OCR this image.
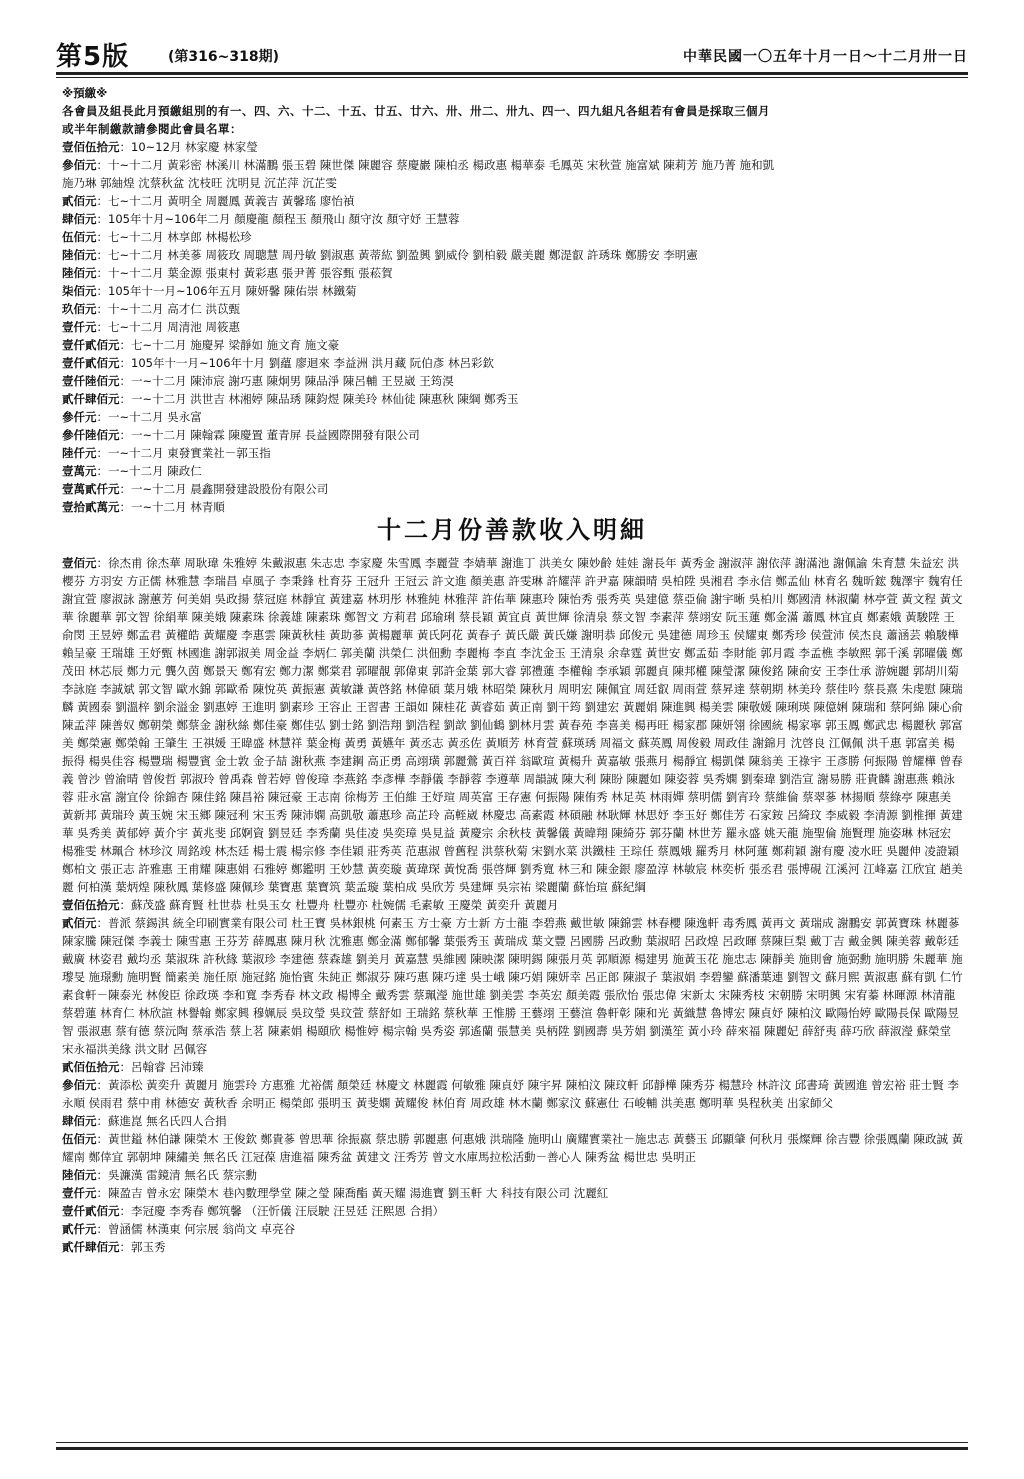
第5版	(第316~318期)	中華民國一〇五年十月一日～十二月卅一日
※預繳※
各會員及組長此月預繳組別的有一、四、六、十二、十五、廿五、廿六、卅、卅二、卅九、四一、四九組凡各組若有會員是採取三個月
或半年制繳款請參閱此會員名單：
壹佰伍拾元：10~12月 林家慶 林家瑩
參佰元：十~十二月 黃彩密 林溪川 林滿鵬 張玉碧 陳世傑 陳麗容 蔡慶巖 陳柏丞 楊政惠 楊華泰 毛鳳英 宋秋萱 施富斌 陳莉芳 施乃菁 施和凱
施乃琳 郭紬煌 沈蔡秋盆 沈枝旺 沈明見 沉芷萍 沉芷雯
貳佰元：七~十二月 黃明全 周麗鳳 黃義吉 黃馨瑤 廖怡禎
肆佰元：105年十月~106年二月 顏慶龍 顏程玉 顏飛山 顏守汝 顏守妤 王慧蓉
伍佰元：七~十二月 林享郎 林楊松珍
陸佰元：七~十二月 林美蔘 周筱玫 周聰慧 周丹敏 劉淑惠 黃蒂紘 劉盈興 劉威伶 劉柏毅 嚴美麗 鄭湜叡 許琇珠 鄭勝安 李明憲
陸佰元：十~十二月 葉金源 張東村 黃彩惠 張尹菁 張容甄 張菘賀
柒佰元：105年十一月~106年五月 陳妍馨 陳佑崇 林鐵菊
玖佰元：十~十二月 高才仁 洪苡甄
壹仟元：七~十二月 周清池 周筱惠
壹仟貳佰元：七~十二月 施慶昇 梁靜如 施文育 施文豪
壹仟貳佰元：105年十一月~106年十月 劉蘊 廖迴來 李益洲 洪月藏 阮伯彥 林呂彩欽
壹仟陸佰元：一~十二月 陳沛宸 謝巧惠 陳炯男 陳品淨 陳呂輔 王昱崴 王筠湨
貳仟肆佰元：一~十二月 洪世吉 林湘婷 陳品琇 陳鈞煜 陳美玲 林仙徒 陳惠秋 陳綱 鄭秀玉
參仟元：一~十二月 吳永富
參仟陸佰元：一~十二月 陳翰霖 陳慶置 董青屏 長益國際開發有限公司
陸仟元：一~十二月 東發實業社－郭玉指
壹萬元：一~十二月 陳政仁
壹萬貳仟元：一~十二月 晨鑫開發建設股份有限公司
壹拾貳萬元：一~十二月 林青順
十二月份善款收入明細
壹佰元：徐杰甫 徐杰華 周耿瑋 朱雅婷 朱戴淑惠 朱志忠 李家慶 朱雪鳳 李麗萱 李婧華 謝進丁 洪美女 陳妙齡 娃娃 謝長年 黃秀金 謝淑萍 謝依萍 謝滿池 謝佩諭 朱育慧 朱益宏 洪櫻芬 方羽安 方正儒 林雅慧 李瑞昌 卓風子 李秉鋒 杜育芬 王冠升 王冠云 許文進 顏美惠 許雯琳 許耀萍 許尹嘉 陳韻晴 吳柏陞 吳湘君 李永信 鄭孟仙 林育名 魏昕鋐 魏澤宇 魏宥任 謝宜萱 廖淑詠 謝蕙芳 何美娟 吳政揚 蔡冠庭 林靜宜 黃建嘉 林玥彤 林雅純 林雅萍 許佑華 陳惠玲 陳怡秀 張秀英 吳建億 蔡亞倫 謝宇晰 吳柏川 鄭國清 林淑蘭 林亭萱 黃文程 黃文華 徐麗華 郭文智 徐絹華 陳美娥 陳素珠 徐義雄 陳素珠 鄭智文 方莉君 邱瑜琍 蔡長穎 黃宜貞 黃世輝 徐清泉 蔡文智 李素萍 蔡翊安 阮玉蓮 鄭金滿 蕭鳳 林宜貞 鄭素娥 黃駿陞 王俞閔 王昱婷 鄭孟君 黃權皓 黃耀慶 李惠雲 陳黃秋桂 黃助蔘 黃楊麗華 黃氏阿花 黃春子 黃氏嚴 黃氏嫌 謝明恭 邱俊元 吳建德 周珍玉 侯耀東 鄭秀珍 侯萱沛 侯杰良 蕭涵芸 賴駿樺 賴呈豪 王瑞雄 王妤甄 林國進 謝郭淑美 周金益 李炳仁 郭美蘭 洪榮仁 洪佃勳 李麗梅 李直 李沈金玉 王清泉 余韋霆 黃世安 鄭孟茹 李財能 郭月霞 李孟樵 李敏熙 郭千溪 郭曜儀 鄭茂田 林芯辰 鄭力元 龔久茵 鄭景天 鄭宥宏 鄭力潔 鄭棠君 郭曜靚 郭偉東 郭許金葉 郭大睿 郭禮蓮 李權翰 李承穎 郭麗貞 陳邦權 陳瑩潔 陳俊銘 陳俞安 王李仕承 游婉麗 郭胡川菊 李詠庭 李誠斌 郭文智 歐水錦 郭歐希 陳悅英 黃振憲 黃敏謙 黃啓銘 林偉碩 葉月娥 林昭榮 陳秋月 周明宏 陳佩宜 周廷叡 周雨萱 蔡昇達 蔡朝期 林美玲 蔡佳吟 蔡長熹 朱虔慰 陳瑞麟 黃國泰 劉溫梓 劉余溢金 劉惠婷 王進明 劉素珍 王容止 王習書 王韻如 陳桂花 黃睿茹 黃正南 劉干筠 劉建宏 黃麗娟 陳進興 楊美雲 陳敬媛 陳琍瑛 陳億娳 陳瑞和 蔡阿綿 陳心俞 陳孟萍 陳善奴 鄭朝榮 鄭蔡金 謝秋絲 鄭佳豪 鄭佳弘 劉士銘 劉浩翔 劉浩程 劉歆 劉仙鶴 劉林月雲 黃春苑 李喜美 楊再旺 楊家郡 陳妍翎 徐國統 楊家寧 郭玉鳳 鄭武忠 楊麗秋 郭富美 鄭榮憲 鄭榮翰 王肇生 王祺媛 王暐盛 林慧祥 葉金梅 黃勇 黃嬿年 黃丞志 黃丞佐 黃順芳 林育萱 蘇瑛琇 周福文 蘇英鳳 周俊毅 周政佳 謝錦月 沈啓良 江佩佩 洪千惠 郭富美 楊振得 楊吳佳容 楊豐瑞 楊豐賓 金士敦 金子喆 謝秋燕 李建鋼 高正勇 高翊璜 郭麗鶯 黃百祥 翁歐瑄 黃楊升 黃嘉敏 張燕月 楊靜宜 楊凱傑 陳翁美 王祿宇 王彥勝 何振陽 曾耀樺 曾春義 曾沙 曾渝晴 曾俊哲 郭淑玲 曾禹森 曾若婷 曾俊璋 李燕銘 李彥樺 李靜儀 李靜蓉 李遵華 周韻誠 陳大利 陳盼 陳麗如 陳姿蓉 吳秀嫻 劉秦瑋 劉浩宣 謝易勝 莊貴麟 謝惠燕 賴泳蓉 莊永富 謝宜伶 徐錦杏 陳佳銘 陳昌裕 陳冠豪 王志南 徐梅芳 王伯維 王妤瑄 周英富 王存憲 何振陽 陳侑秀 林足英 林雨嬋 蔡明儒 劉宵玲 蔡維倫 蔡翠蔘 林揚順 蔡綠亭 陳惠美 黃新邦 黃瑞玲 黃玉婉 宋玉鄉 陳冠利 宋玉秀 陳沛嫻 高凱敬 蕭惠珍 高芷玲 高輊崴 林慶忠 高素霞 林碩融 林耿輝 林思妤 李玉好 鄭佳芳 石家銨 呂綺玟 李威毅 李清源 劉椎揮 黃建華 吳秀美 黃郁婷 黃介宇 黃兆斐 邱婀資 劉昱廷 李秀蘭 吳佳凌 吳奕璋 吳見益 黃慶宗 余秋枝 黃馨儀 黃暐翔 陳綺芬 郭芬蘭 林世芳 羅永盛 姚天龍 施聖倫 施賢理 施姿琳 林冠宏 楊雅雯 林珮合 林珍汶 周銘竣 林杰廷 楊士震 楊宗修 李佳穎 莊秀英 范惠淑 曾舊程 洪蔡秋菊 宋劉水菜 洪鐵桂 王琮任 蔡鳳娥 羅秀月 林阿蓮 鄭莉穎 謝有慶 凌水旺 吳麗伸 凌證穎 鄭柏文 張正志 許雅惠 王甫耀 陳惠娟 石雅婷 鄭鑑明 王妙慧 黃奕璇 黃瑋琛 黃悅喬 張啓輝 劉秀寬 林三和 陳金銀 廖盈淳 林敏宸 林奕析 張丞君 張博硯 江溪河 江峰嘉 江欣宜 趙美麗 何柏漢 葉炳煌 陳秋鳳 葉修盛 陳佩珍 葉寶惠 葉寶筑 葉孟璇 葉柏成 吳欣芳 吳建輝 吳宗祐 梁麗蘭 蘇怡瑄 蘇紀綱
壹佰伍拾元：蘇茂盛 蘇育賢 杜世恭 杜吳玉女 杜豐舟 杜豐亦 杜婉儒 毛素敏 王慶榮 黃奕升 黃麗月
貳佰元：普派 蔡錫淇 統全印刷實業有限公司 杜王寶 吳林銀桃 何素玉 方士豪 方士新 方士龍 李碧燕 戴世敏 陳錦雲 林春櫻 陳逸軒 毒秀鳳 黃再文 黃瑞成 謝鵬安 郭黃寶珠 林麗蔘 陳家騰 陳冠傑 李義士 陳雪惠 王芬芳 薛鳳惠 陳月秋 沈雅惠 鄭金滿 鄭郁馨 葉張秀玉 黃瑞成 葉文豐 呂國勝 呂政勳 葉淑昭 呂政煌 呂政暉 蔡陳巨梨 戴丁吉 戴金興 陳美蓉 戴彰廷 戴廣 林姿君 戴均丞 葉淑珠 許秋緣 葉淑珍 李建德 蔡森雄 劉美月 黃嘉慧 吳維國 陳映潔 陳明錫 陳張月英 郭順源 楊建男 施黃玉花 施忠志 陳靜美 施則會 施弼勳 施明勝 朱麗華 施瓈旻 施璟勳 施明賢 簡素美 施任原 施冠銘 施怡賓 朱純正 鄭淑芬 陳巧惠 陳巧達 吳士峨 陳巧娟 陳妍幸 呂正郎 陳淑子 葉淑娟 李碧鑾 蘇潘葉連 劉智文 蘇月熙 黃淑惠 蘇有凱 仁竹素食軒－陳泰光 林俊臣 徐政瑛 李和寬 李秀春 林文政 楊博全 戴秀雲 蔡珮瀅 施世雄 劉美雲 李英宏 顏美霞 張欣怡 張忠偉 宋新太 宋陳秀枝 宋朝勝 宋明興 宋宥蓁 林暉源 林清龍 蔡碧蓮 林育仁 林欣諠 林譽翰 鄭家興 穆姵辰 吳玟瑩 吳玟萱 蔡舒如 王瑞銘 蔡秋華 王惟勝 王藝翊 王藝渲 魯軒彰 陳和光 黃織慧 魯博宏 陳貞妤 陳柏汶 歐陽怡婷 歐陽長保 歐陽昱智 張淑惠 蔡有德 蔡沅陶 蔡承浩 蔡上茗 陳素娟 楊頤欣 楊惟婷 楊宗翰 吳秀姿 郭遙蘭 張慧美 吳柄陞 劉國壽 吳芳娟 劉漢笙 黃小玲 薛來福 陳麗妃 薛舒夷 薛巧欣 薛淑瀅 蘇榮堂 宋永福洪美緣 洪文財 呂佩容
貳佰伍拾元：呂翰睿 呂沛臻
參佰元：黃添松 黃奕升 黃麗月 施雲玲 方惠雅 尤裕儒 顏榮廷 林慶文 林麗霞 何敏雅 陳貞妤 陳宇昇 陳柏汶 陳玟軒 邱靜樺 陳秀芬 楊慧玲 林許汶 邱書琦 黃國進 曾宏裕 莊士賢 李永順 侯雨君 蔡中甫 林德安 黃秋香 余明正 楊榮郎 張明玉 黃斐嫻 黃耀俊 林伯育 周政雄 林木蘭 鄭家汶 蘇憲仕 石峻輔 洪美惠 鄭明華 吳程秋美 出家師父
肆佰元：蘇進崑 無名氏四人合捐
伍佰元：黃世鎰 林伯謙 陳榮木 王俊欽 鄭貴蔘 曾思華 徐振嬴 蔡忠勝 郭麗惠 何惠娥 洪瑞隆 施明山 廣耀實業社－施忠志 黃藝玉 邱顯肇 何秋月 張燦輝 徐吉豐 徐張鳳蘭 陳政誠 黃耀南 鄭倖宜 郭朝坤 陳繡美 無名氏 江冠葆 唐進福 陳秀盆 黃建文 汪秀芳 曾文水庫馬拉松活動－善心人 陳秀盆 楊世忠 吳明正
陸佰元：吳濂漢 雷鏡清 無名氏 蔡宗勳
壹仟元：陳盈吉 曾永宏 陳榮木 巷內數理學堂 陳之瑩 陳喬酯 黃天耀 湯進寶 劉玉軒 大 科技有限公司 沈麗紅
壹仟貳佰元：李冠慶 李秀春 鄭筑馨 （汪忻儀 汪辰駛 汪昱廷 汪熙恩 合捐）
貳仟元：曾涵儒 林漢東 何宗展 翁尚文 卓亮谷
貳仟肆佰元：郭玉秀
